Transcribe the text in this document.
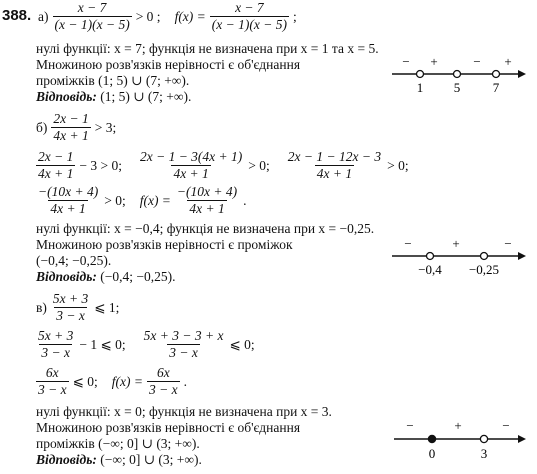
388. $а) \frac{x - 7}{(x - 1)(x - 5)} > 0$ ; $f(x) = \frac{x - 7}{(x - 1)(x - 5)}$ ;
нулі функції: x = 7; функція не визначена при x = 1 та x = 5.
Множиною розв'язків нерівності є об'єднання
проміжків (1; 5) ∪ (7; +∞).
Відповідь: (1; 5) ∪ (7; +∞).
− +	− +
1 5	7
$б) \frac{2x - 1}{4x + 1} > 3$;
$\frac{2x - 1}{4x + 1} - 3 > 0$; $\frac{2x - 1 - 3(4x + 1)}{4x + 1} > 0$; $\frac{2x - 1 - 12x - 3}{4x + 1} > 0$;
$\frac{-(10x + 4)}{4x + 1} > 0$; $f(x) = \frac{-(10x + 4)}{4x + 1}$ .
нулі функції: x = −0,4; функція не визначена при x = −0,25.
Множиною розв'язків нерівності є проміжок
(−0,4; −0,25).
Відповідь: (−0,4; −0,25).
−	+	−
−0,4 −0,25
$в) \frac{5x + 3}{3 - x}$ ⩽ 1;
$\frac{5x + 3}{3 - x} - 1$ ⩽ 0; $\frac{5x + 3 - 3 + x}{3 - x}$ ⩽ 0;
$\frac{6x}{3 - x}$ ⩽ 0; $f(x) = \frac{6x}{3 - x}$ .
нулі функції: x = 0; функція не визначена при x = 3.
Множиною розв'язків нерівності є об'єднання
проміжків (−∞; 0] ∪ (3; +∞).
Відповідь: (−∞; 0] ∪ (3; +∞).
−	+	−
0	3
